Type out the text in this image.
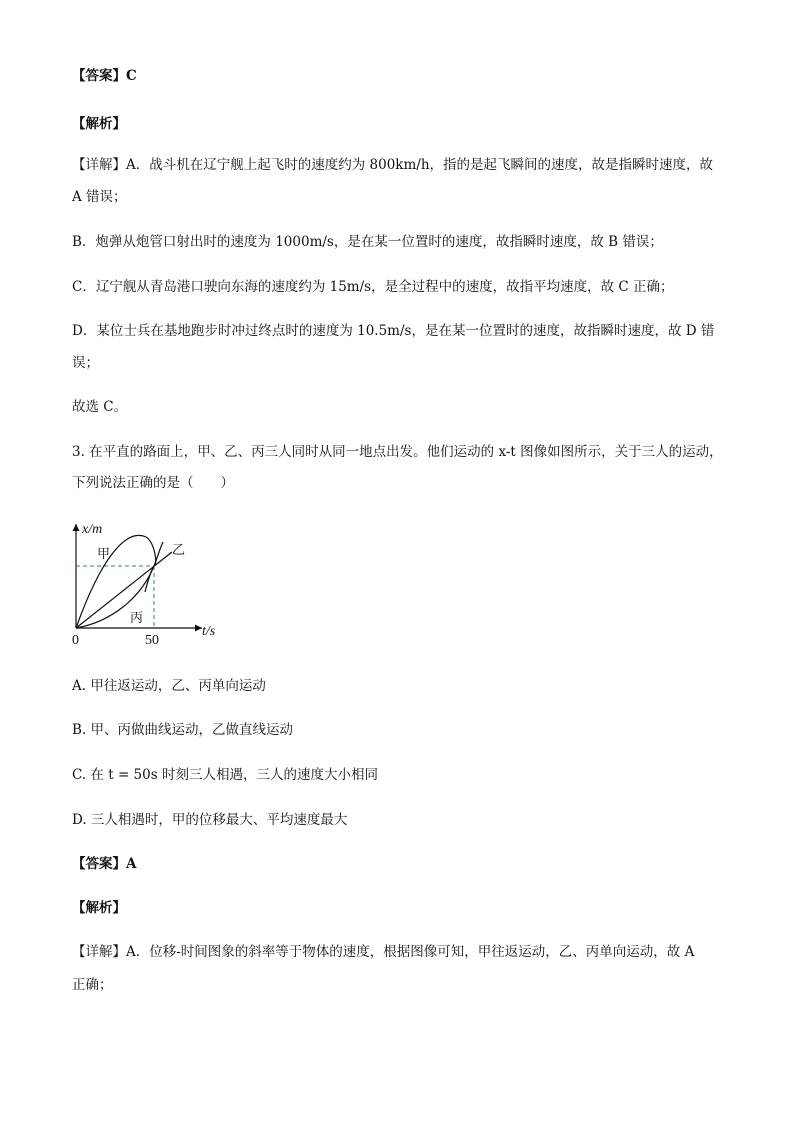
【答案】C
【解析】
【详解】A．战斗机在辽宁舰上起飞时的速度约为 800km/h，指的是起飞瞬间的速度，故是指瞬时速度，故
A 错误；
B．炮弹从炮管口射出时的速度为 1000m/s，是在某一位置时的速度，故指瞬时速度，故 B 错误；
C．辽宁舰从青岛港口驶向东海的速度约为 15m/s，是全过程中的速度，故指平均速度，故 C 正确；
D．某位士兵在基地跑步时冲过终点时的速度为 10.5m/s，是在某一位置时的速度，故指瞬时速度，故 D 错
误；
故选 C。
3. 在平直的路面上，甲、乙、丙三人同时从同一地点出发。他们运动的 x-t 图像如图所示，关于三人的运动，
下列说法正确的是（　　）
x/m
t/s
0	50
甲	乙
丙
A. 甲往返运动，乙、丙单向运动
B. 甲、丙做曲线运动，乙做直线运动
C. 在 t = 50s 时刻三人相遇，三人的速度大小相同
D. 三人相遇时，甲的位移最大、平均速度最大
【答案】A
【解析】
【详解】A．位移-时间图象的斜率等于物体的速度，根据图像可知，甲往返运动，乙、丙单向运动，故 A
正确；
